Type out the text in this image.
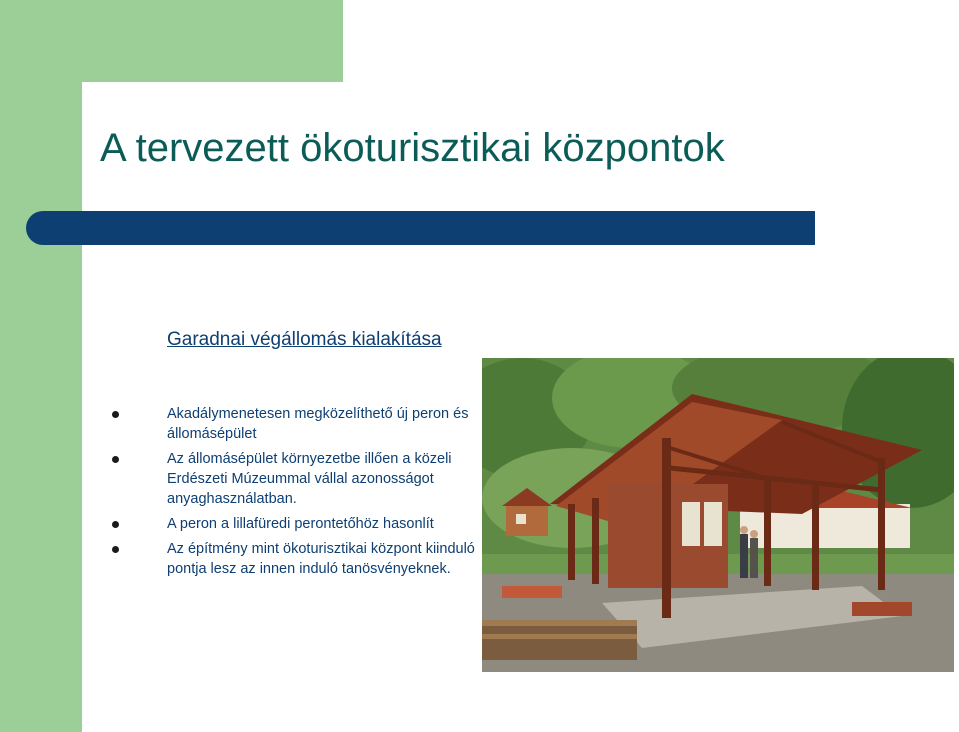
A tervezett ökoturisztikai központok
Garadnai végállomás kialakítása
Akadálymenetesen megközelíthető új peron és állomásépület
Az állomásépület környezetbe illően a közeli Erdészeti Múzeummal vállal azonosságot anyaghasználatban.
A peron a lillafüredi perontetőhöz hasonlít
Az építmény mint ökoturisztikai központ kiinduló pontja lesz az innen induló tanösvényeknek.
